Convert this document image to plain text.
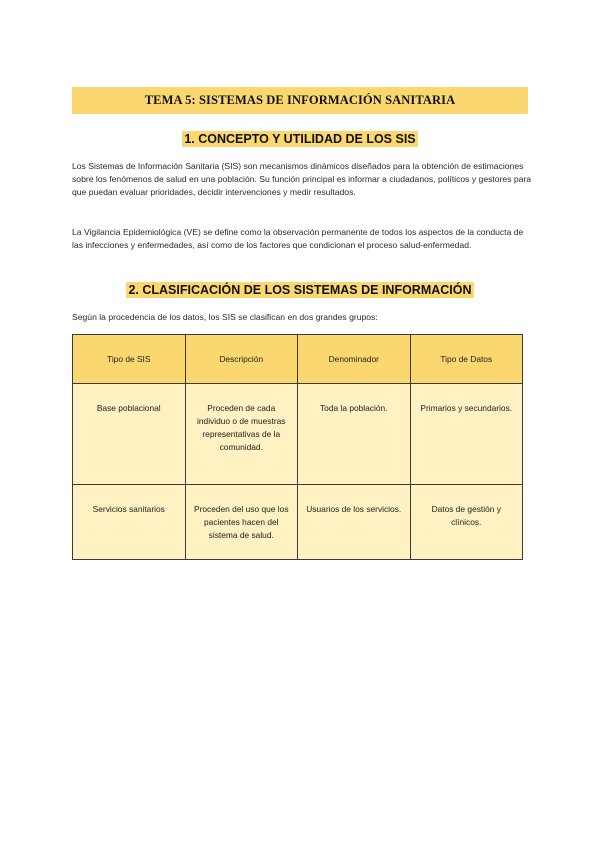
TEMA 5: SISTEMAS DE INFORMACIÓN SANITARIA
1. CONCEPTO Y UTILIDAD DE LOS SIS

Los Sistemas de Información Sanitaria (SIS) son mecanismos dinámicos diseñados para la obtención de estimaciones sobre los fenómenos de salud en una población. Su función principal es informar a ciudadanos, políticos y gestores para que puedan evaluar prioridades, decidir intervenciones y medir resultados.

La Vigilancia Epidemiológica (VE) se define como la observación permanente de todos los aspectos de la conducta de las infecciones y enfermedades, así como de los factores que condicionan el proceso salud-enfermedad.

2. CLASIFICACIÓN DE LOS SISTEMAS DE INFORMACIÓN

Según la procedencia de los datos, los SIS se clasifican en dos grandes grupos:

Tipo de SIS	Descripción	Denominador	Tipo de Datos
Base poblacional	Proceden de cada individuo o de muestras representativas de la comunidad.	Toda la población.	Primarios y secundarios.
Servicios sanitarios	Proceden del uso que los pacientes hacen del sistema de salud.	Usuarios de los servicios.	Datos de gestión y clínicos.
